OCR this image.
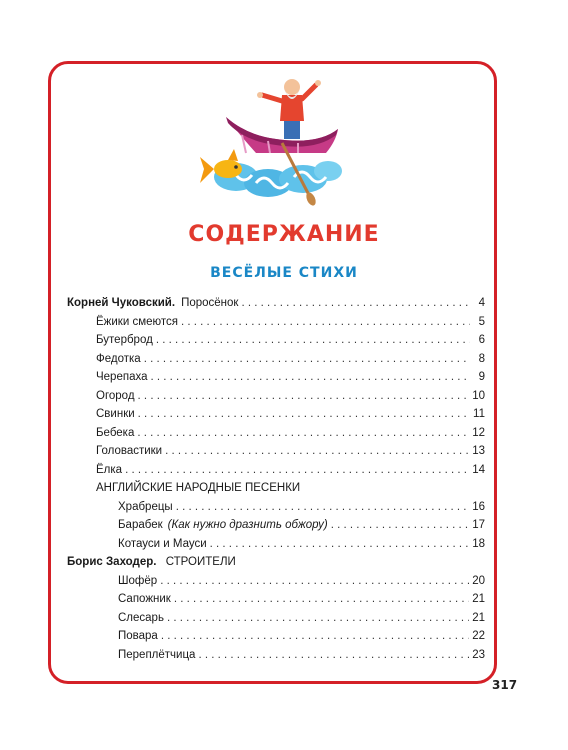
СОДЕРЖАНИЕ
ВЕСЁЛЫЕ СТИХИ
Корней Чуковский. Поросёнок . . .	4
Ёжики смеются . . .	5
Бутерброд . . .	6
Федотка . . .	8
Черепаха . . .	9
Огород . . .	10
Свинки . . .	11
Бебека . . .	12
Головастики . . .	13
Ёлка . . .	14
АНГЛИЙСКИЕ НАРОДНЫЕ ПЕСЕНКИ
Храбрецы . . .	16
Барабек (Как нужно дразнить обжору) . . .	17
Котауси и Мауси . . .	18
Борис Заходер. СТРОИТЕЛИ
Шофёр . . .	20
Сапожник . . .	21
Слесарь . . .	21
Повара . . .	22
Переплётчица . . .	23
317
